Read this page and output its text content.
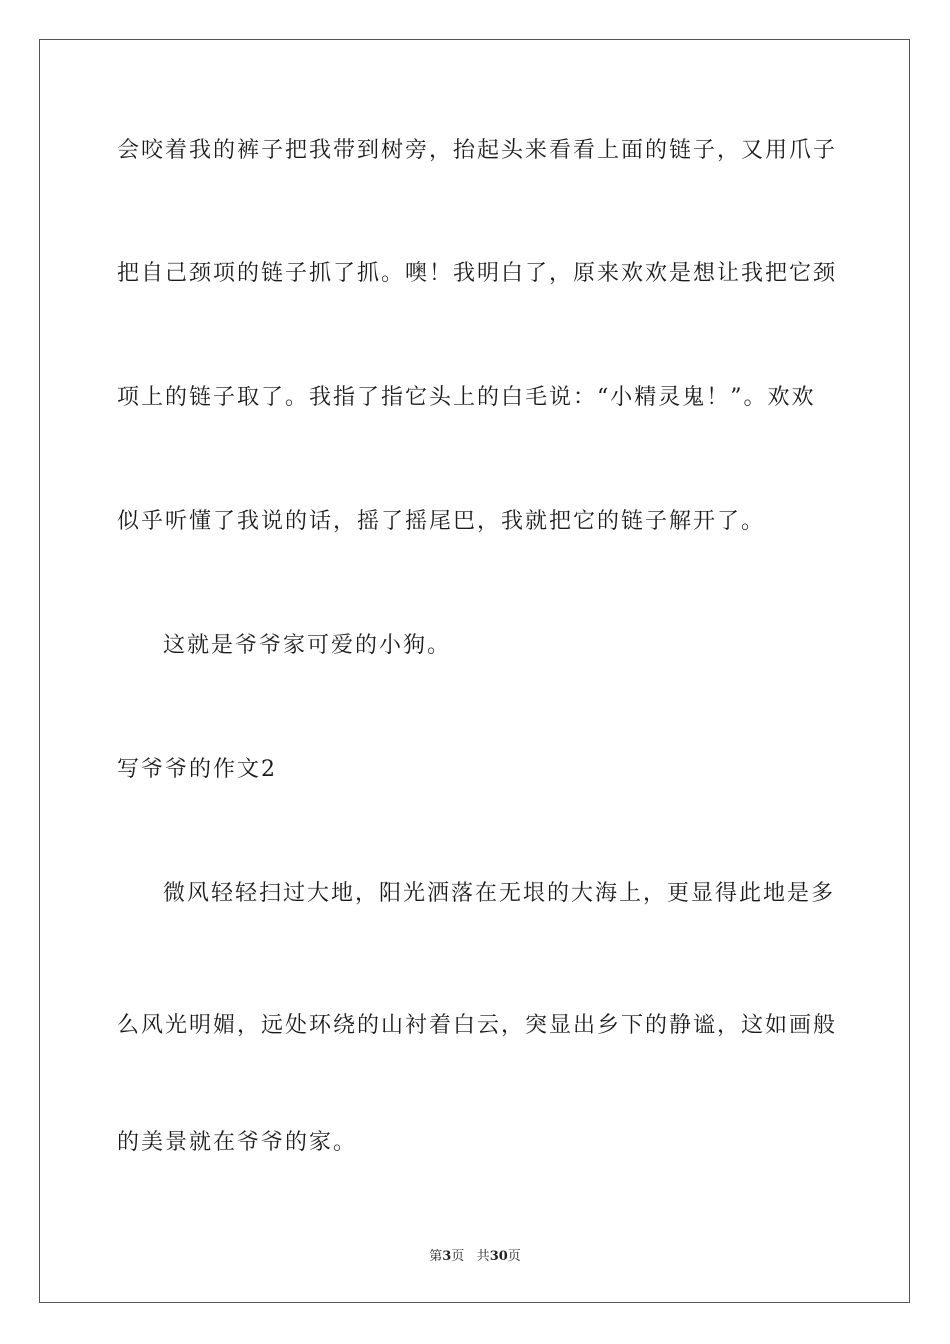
会咬着我的裤子把我带到树旁，抬起头来看看上面的链子，又用爪子
把自己颈项的链子抓了抓。噢！我明白了，原来欢欢是想让我把它颈
项上的链子取了。我指了指它头上的白毛说：“小精灵鬼！”。欢欢
似乎听懂了我说的话，摇了摇尾巴，我就把它的链子解开了。
这就是爷爷家可爱的小狗。
写爷爷的作文2
微风轻轻扫过大地，阳光洒落在无垠的大海上，更显得此地是多
么风光明媚，远处环绕的山衬着白云，突显出乡下的静谧，这如画般
的美景就在爷爷的家。
第3页 共30页
